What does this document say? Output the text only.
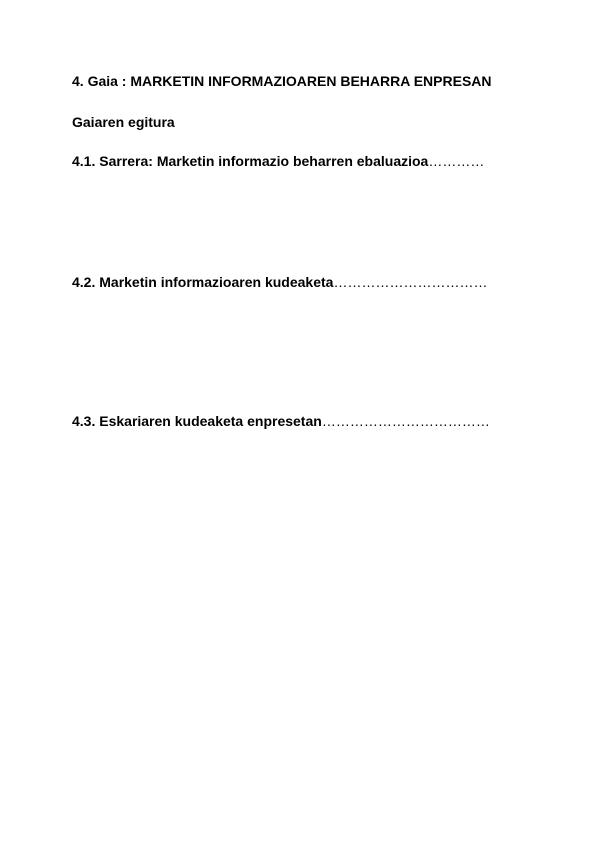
4. Gaia : MARKETIN INFORMAZIOAREN BEHARRA ENPRESAN

Gaiaren egitura

4.1. Sarrera: Marketin informazio beharren ebaluazioa…………

4.2. Marketin informazioaren kudeaketa……………………………

4.3. Eskariaren kudeaketa enpresetan………………………………
